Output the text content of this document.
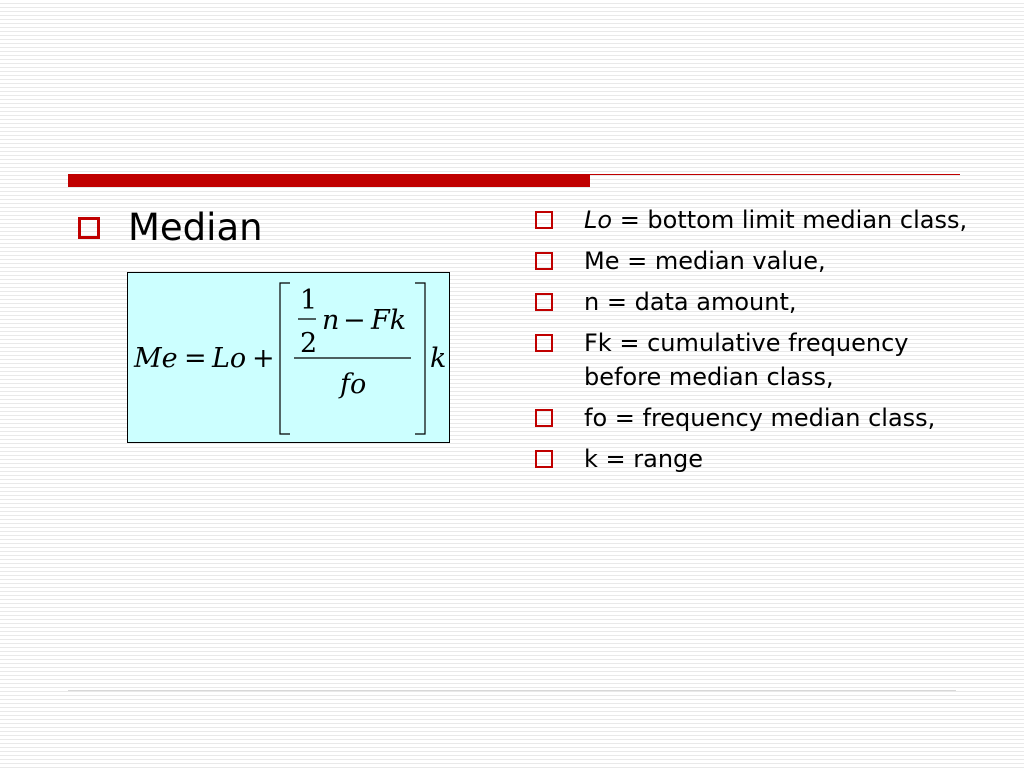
Median
Me = Lo +
1
2
n − Fk
fo
k
Lo = bottom limit median class,
Me = median value,
n = data amount,
Fk = cumulative frequency before median class,
fo = frequency median class,
k = range
